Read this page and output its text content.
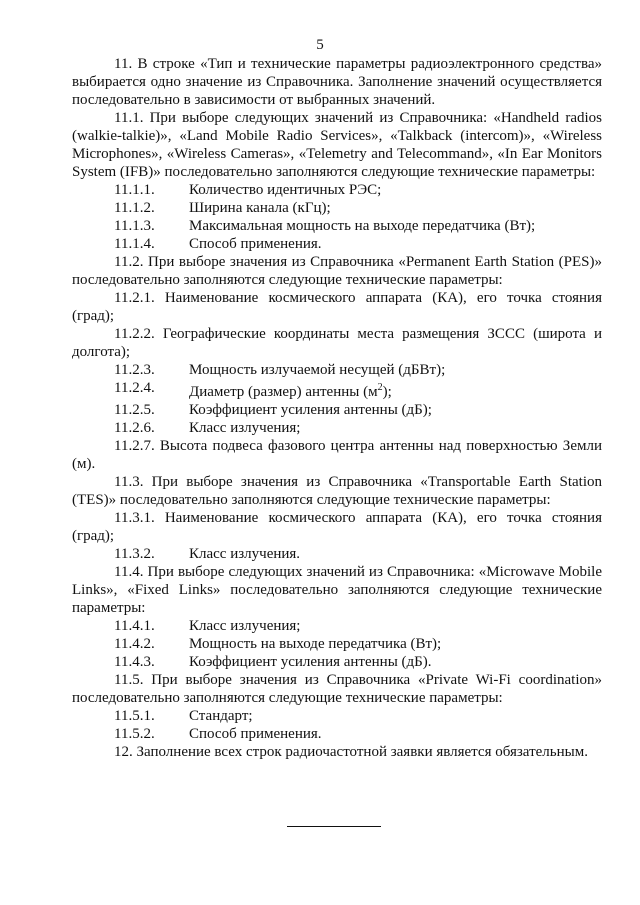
5

11. В строке «Тип и технические параметры радиоэлектронного средства» выбирается одно значение из Справочника. Заполнение значений осуществляется последовательно в зависимости от выбранных значений.

11.1. При выборе следующих значений из Справочника: «Handheld radios (walkie-talkie)», «Land Mobile Radio Services», «Talkback (intercom)», «Wireless Microphones», «Wireless Cameras», «Telemetry and Telecommand», «In Ear Monitors System (IFB)» последовательно заполняются следующие технические параметры:

11.1.1.	Количество идентичных РЭС;
11.1.2.	Ширина канала (кГц);
11.1.3.	Максимальная мощность на выходе передатчика (Вт);
11.1.4.	Способ применения.

11.2. При выборе значения из Справочника «Permanent Earth Station (PES)» последовательно заполняются следующие технические параметры:

11.2.1. Наименование космического аппарата (КА), его точка стояния (град);

11.2.2. Географические координаты места размещения ЗССС (широта и долгота);

11.2.3.	Мощность излучаемой несущей (дБВт);
11.2.4.	Диаметр (размер) антенны $(м^2)$;
11.2.5.	Коэффициент усиления антенны (дБ);
11.2.6.	Класс излучения;

11.2.7. Высота подвеса фазового центра антенны над поверхностью Земли (м).

11.3. При выборе значения из Справочника «Transportable Earth Station (TES)» последовательно заполняются следующие технические параметры:

11.3.1. Наименование космического аппарата (КА), его точка стояния (град);

11.3.2.	Класс излучения.

11.4. При выборе следующих значений из Справочника: «Microwave Mobile Links», «Fixed Links» последовательно заполняются следующие технические параметры:

11.4.1.	Класс излучения;
11.4.2.	Мощность на выходе передатчика (Вт);
11.4.3.	Коэффициент усиления антенны (дБ).

11.5. При выборе значения из Справочника «Private Wi-Fi coordination» последовательно заполняются следующие технические параметры:

11.5.1.	Стандарт;
11.5.2.	Способ применения.

12. Заполнение всех строк радиочастотной заявки является обязательным.
